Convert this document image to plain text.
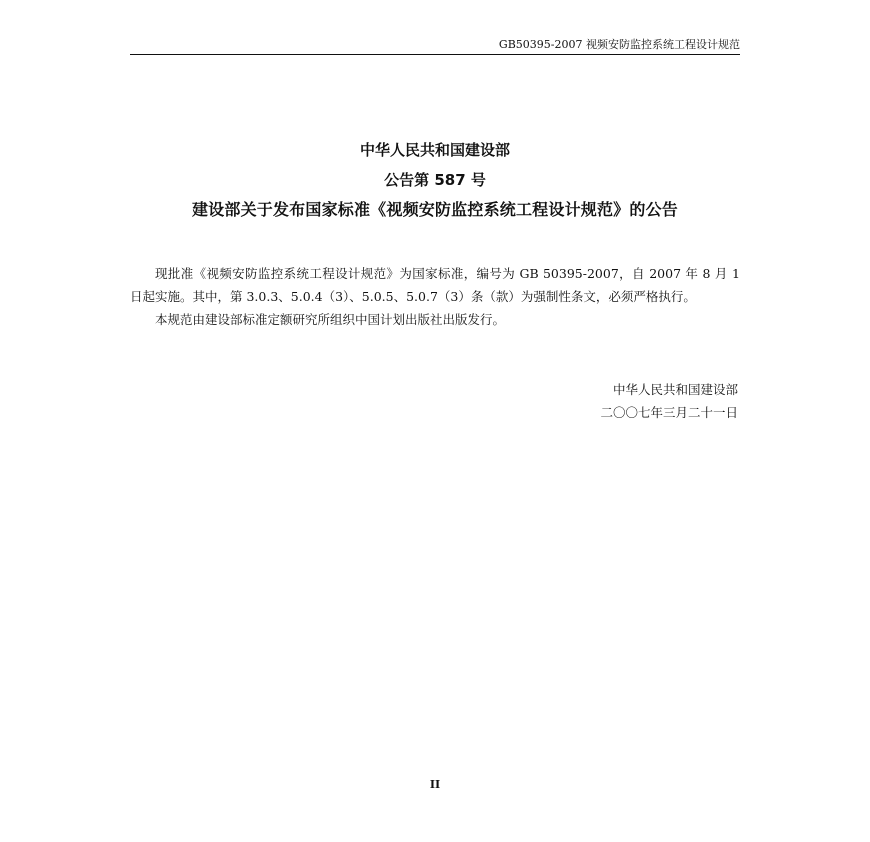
GB50395-2007 视频安防监控系统工程设计规范

中华人民共和国建设部

公告第 587 号

建设部关于发布国家标准《视频安防监控系统工程设计规范》的公告

现批准《视频安防监控系统工程设计规范》为国家标准，编号为 GB 50395-2007，自 2007 年 8 月 1 日起实施。其中，第 3.0.3、5.0.4（3）、5.0.5、5.0.7（3）条（款）为强制性条文，必须严格执行。

本规范由建设部标准定额研究所组织中国计划出版社出版发行。

中华人民共和国建设部

二〇〇七年三月二十一日

II
